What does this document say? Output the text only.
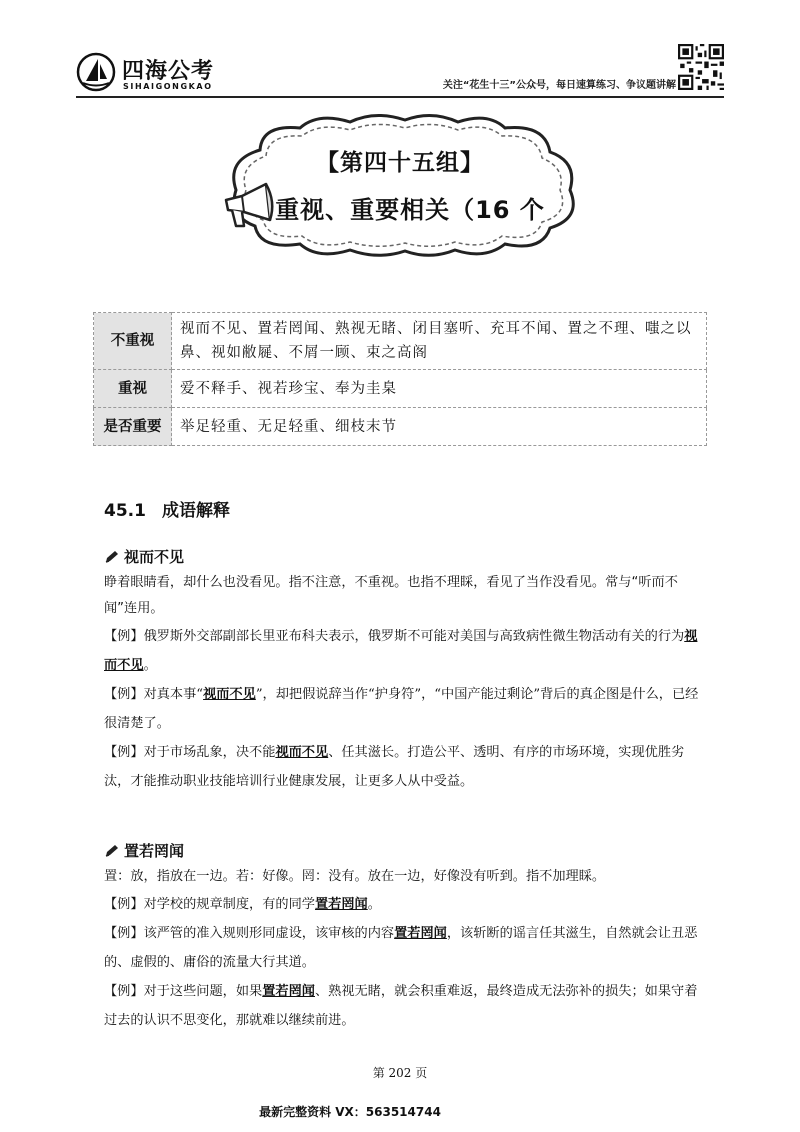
四海公考
SIHAIGONGKAO	关注“花生十三”公众号，每日速算练习、争议题讲解
【第四十五组】
重视、重要相关（16 个
不重视	视而不见、置若罔闻、熟视无睹、闭目塞听、充耳不闻、置之不理、嗤之以鼻、视如敝屣、不屑一顾、束之高阁
重视	爱不释手、视若珍宝、奉为圭臬
是否重要	举足轻重、无足轻重、细枝末节
45.1 成语解释
视而不见
睁着眼睛看，却什么也没看见。指不注意，不重视。也指不理睬，看见了当作没看见。常与“听而不闻”连用。
【例】俄罗斯外交部副部长里亚布科夫表示，俄罗斯不可能对美国与高致病性微生物活动有关的行为视而不见。
【例】对真本事“视而不见”，却把假说辞当作“护身符”，“中国产能过剩论”背后的真企图是什么，已经很清楚了。
【例】对于市场乱象，决不能视而不见、任其滋长。打造公平、透明、有序的市场环境，实现优胜劣汰，才能推动职业技能培训行业健康发展，让更多人从中受益。
置若罔闻
置：放，指放在一边。若：好像。罔：没有。放在一边，好像没有听到。指不加理睬。
【例】对学校的规章制度，有的同学置若罔闻。
【例】该严管的准入规则形同虚设，该审核的内容置若罔闻，该斩断的谣言任其滋生，自然就会让丑恶的、虚假的、庸俗的流量大行其道。
【例】对于这些问题，如果置若罔闻、熟视无睹，就会积重难返，最终造成无法弥补的损失；如果守着过去的认识不思变化，那就难以继续前进。
第 202 页
最新完整资料 VX：563514744
